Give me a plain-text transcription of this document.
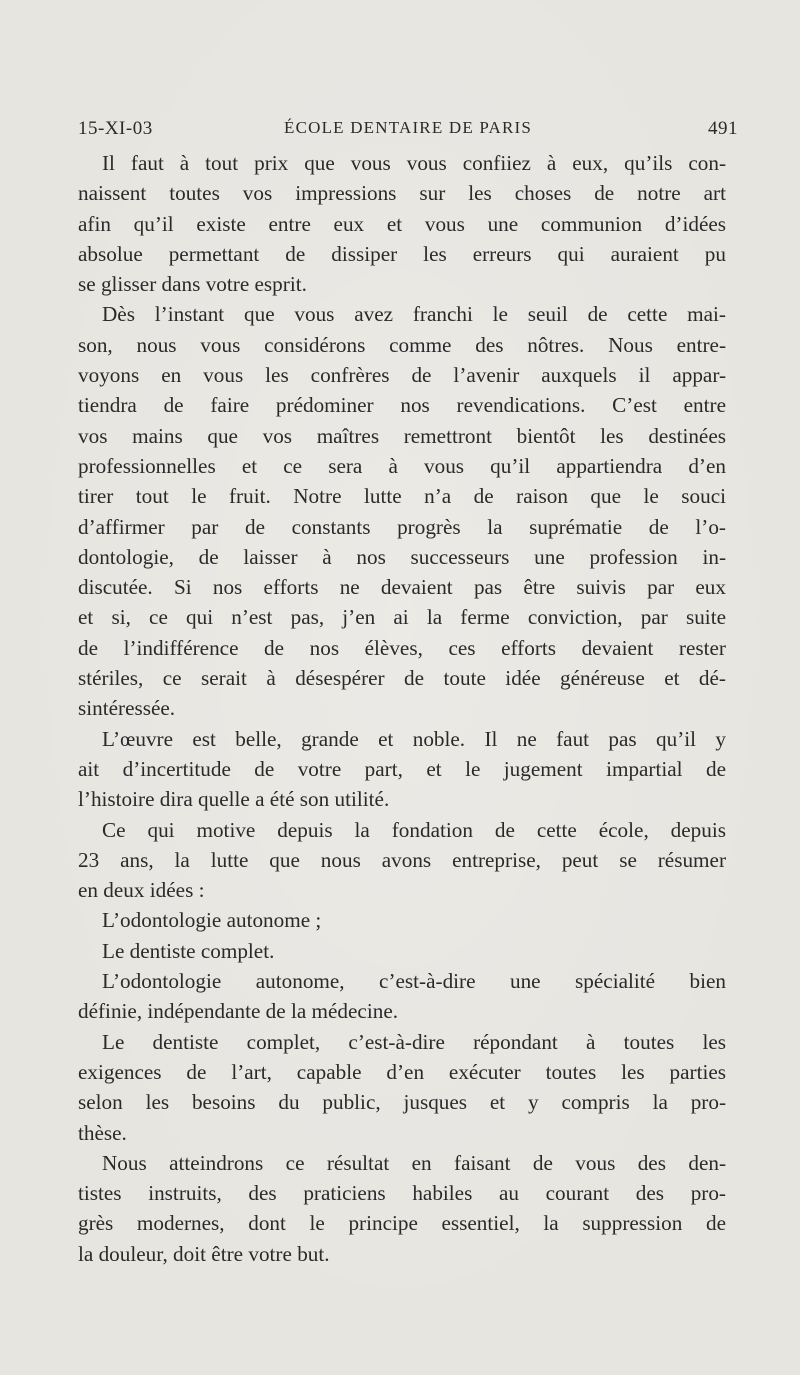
15-XI-03	ÉCOLE DENTAIRE DE PARIS	491

Il faut à tout prix que vous vous confiiez à eux, qu’ils con-
naissent toutes vos impressions sur les choses de notre art
afin qu’il existe entre eux et vous une communion d’idées
absolue permettant de dissiper les erreurs qui auraient pu
se glisser dans votre esprit.

Dès l’instant que vous avez franchi le seuil de cette mai-
son, nous vous considérons comme des nôtres. Nous entre-
voyons en vous les confrères de l’avenir auxquels il appar-
tiendra de faire prédominer nos revendications. C’est entre
vos mains que vos maîtres remettront bientôt les destinées
professionnelles et ce sera à vous qu’il appartiendra d’en
tirer tout le fruit. Notre lutte n’a de raison que le souci
d’affirmer par de constants progrès la suprématie de l’o-
dontologie, de laisser à nos successeurs une profession in-
discutée. Si nos efforts ne devaient pas être suivis par eux
et si, ce qui n’est pas, j’en ai la ferme conviction, par suite
de l’indifférence de nos élèves, ces efforts devaient rester
stériles, ce serait à désespérer de toute idée généreuse et dé-
sintéressée.

L’œuvre est belle, grande et noble. Il ne faut pas qu’il y
ait d’incertitude de votre part, et le jugement impartial de
l’histoire dira quelle a été son utilité.

Ce qui motive depuis la fondation de cette école, depuis
23 ans, la lutte que nous avons entreprise, peut se résumer
en deux idées :

L’odontologie autonome ;

Le dentiste complet.

L’odontologie autonome, c’est-à-dire une spécialité bien
définie, indépendante de la médecine.

Le dentiste complet, c’est-à-dire répondant à toutes les
exigences de l’art, capable d’en exécuter toutes les parties
selon les besoins du public, jusques et y compris la pro-
thèse.

Nous atteindrons ce résultat en faisant de vous des den-
tistes instruits, des praticiens habiles au courant des pro-
grès modernes, dont le principe essentiel, la suppression de
la douleur, doit être votre but.
